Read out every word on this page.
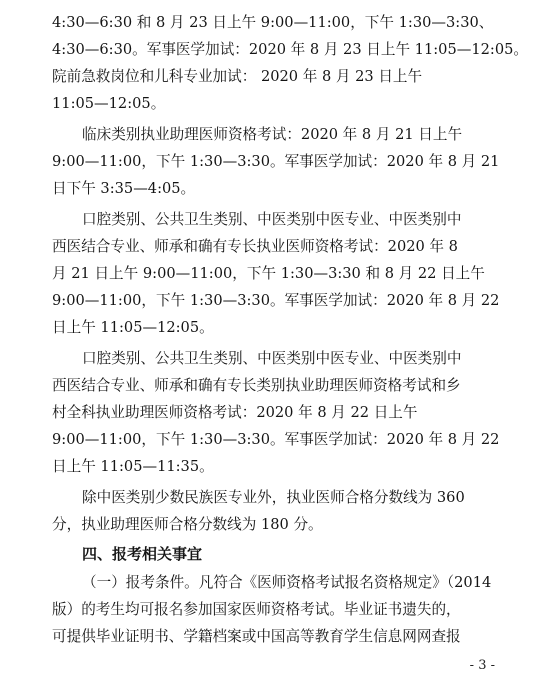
4:30—6:30 和 8 月 23 日上午 9:00—11:00，下午 1:30—3:30、
4:30—6:30。军事医学加试：2020 年 8 月 23 日上午 11:05—12:05。
院前急救岗位和儿科专业加试： 2020 年 8 月 23 日上午
11:05—12:05。
临床类别执业助理医师资格考试：2020 年 8 月 21 日上午
9:00—11:00，下午 1:30—3:30。军事医学加试：2020 年 8 月 21
日下午 3:35—4:05。
口腔类别、公共卫生类别、中医类别中医专业、中医类别中
西医结合专业、师承和确有专长执业医师资格考试：2020 年 8
月 21 日上午 9:00—11:00，下午 1:30—3:30 和 8 月 22 日上午
9:00—11:00，下午 1:30—3:30。军事医学加试：2020 年 8 月 22
日上午 11:05—12:05。
口腔类别、公共卫生类别、中医类别中医专业、中医类别中
西医结合专业、师承和确有专长类别执业助理医师资格考试和乡
村全科执业助理医师资格考试：2020 年 8 月 22 日上午
9:00—11:00，下午 1:30—3:30。军事医学加试：2020 年 8 月 22
日上午 11:05—11:35。
除中医类别少数民族医专业外，执业医师合格分数线为 360
分，执业助理医师合格分数线为 180 分。
四、报考相关事宜
（一）报考条件。凡符合《医师资格考试报名资格规定》（2014
版）的考生均可报名参加国家医师资格考试。毕业证书遗失的，
可提供毕业证明书、学籍档案或中国高等教育学生信息网网查报
- 3 -
